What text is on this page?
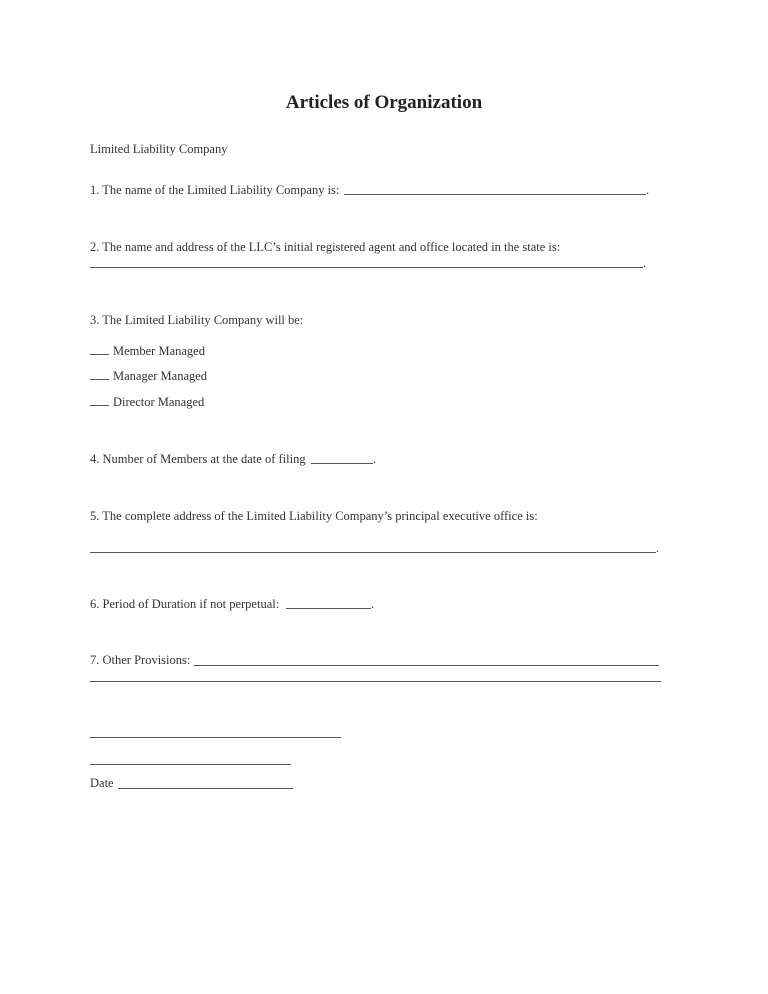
Articles of Organization
Limited Liability Company
1. The name of the Limited Liability Company is:	.
2. The name and address of the LLC’s initial registered agent and office located in the state is:
.
3. The Limited Liability Company will be:
Member Managed
Manager Managed
Director Managed
4. Number of Members at the date of filing	.
5. The complete address of the Limited Liability Company’s principal executive office is:
.
6. Period of Duration if not perpetual:	.
7. Other Provisions:
Date
